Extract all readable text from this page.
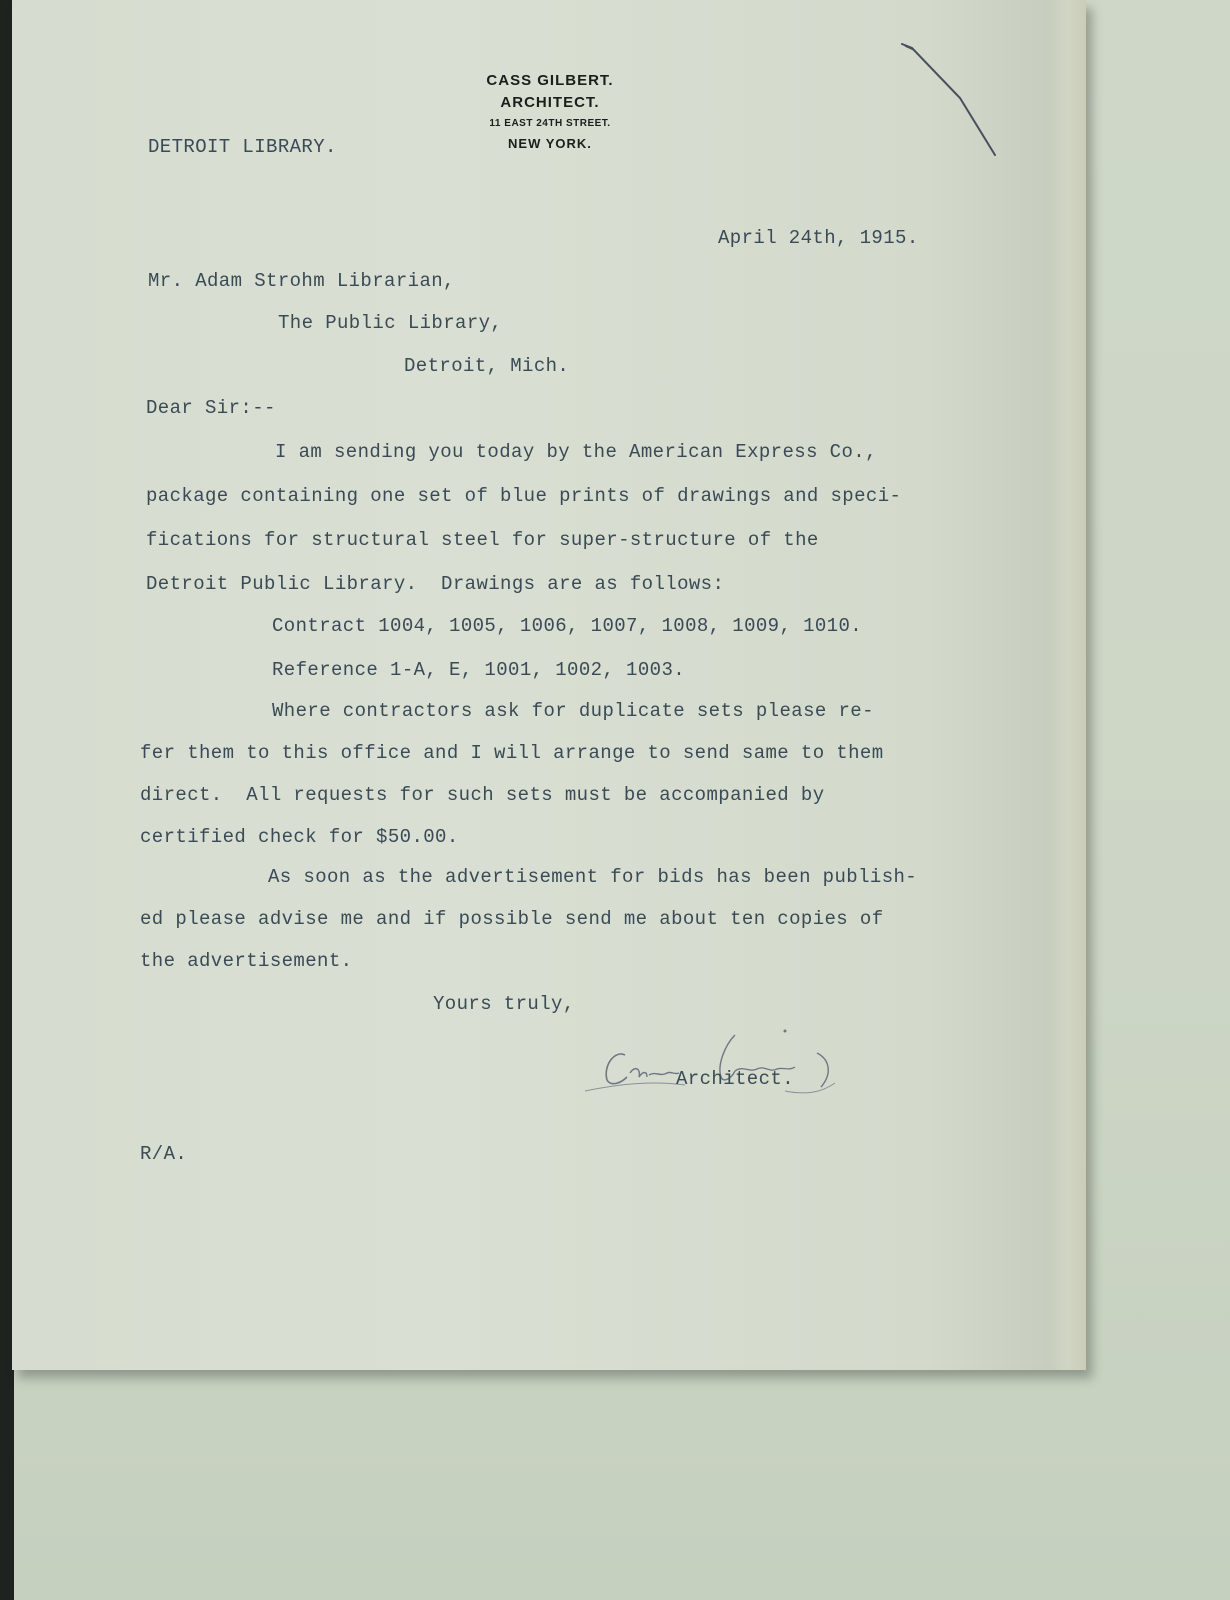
CASS GILBERT.
ARCHITECT.
11 EAST 24TH STREET.
NEW YORK.
DETROIT LIBRARY.
April 24th, 1915.
Mr. Adam Strohm Librarian,
The Public Library,
Detroit, Mich.
Dear Sir:--
I am sending you today by the American Express Co.,
package containing one set of blue prints of drawings and speci-
fications for structural steel for super-structure of the
Detroit Public Library.  Drawings are as follows:
Contract 1004, 1005, 1006, 1007, 1008, 1009, 1010.
Reference 1-A, E, 1001, 1002, 1003.
Where contractors ask for duplicate sets please re-
fer them to this office and I will arrange to send same to them
direct.  All requests for such sets must be accompanied by
certified check for $50.00.
As soon as the advertisement for bids has been publish-
ed please advise me and if possible send me about ten copies of
the advertisement.
Yours truly,
Architect.
R/A.
